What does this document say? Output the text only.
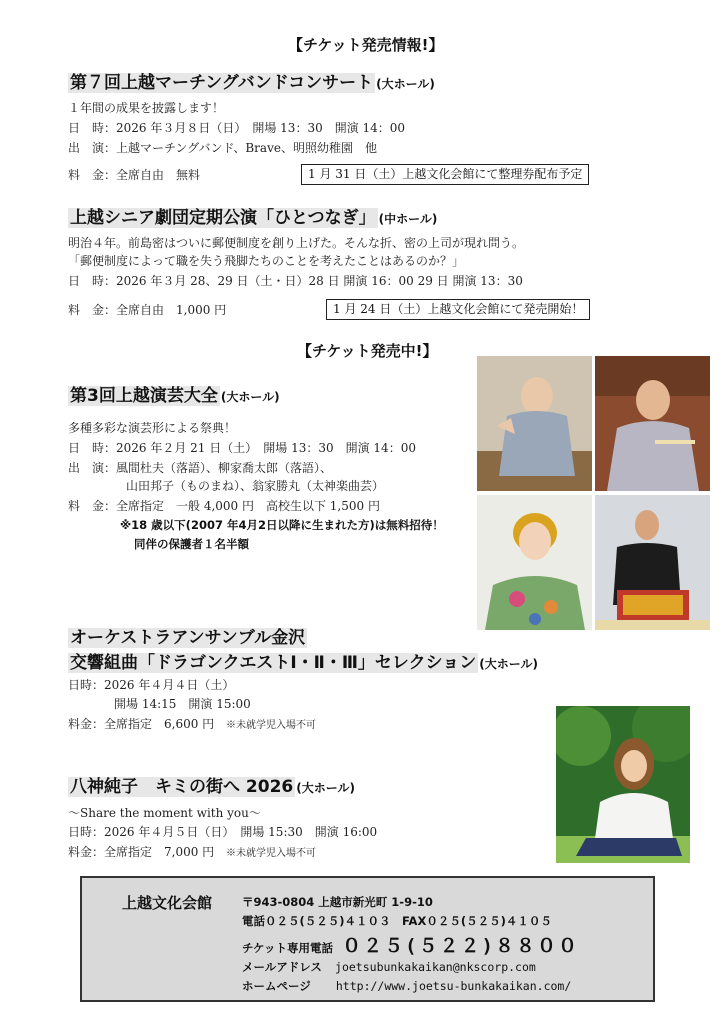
【チケット発売情報!】
第７回上越マーチングバンドコンサート (大ホール)
１年間の成果を披露します！
日　時：2026 年３月８日（日）　開場 13：30　開演 14：00
出　演：上越マーチングバンド、Brave、明照幼稚園　他
料　金：全席自由　無料	1 月 31 日（土）上越文化会館にて整理券配布予定
上越シニア劇団定期公演「ひとつなぎ」 (中ホール)
明治４年。前島密はついに郵便制度を創り上げた。そんな折、密の上司が現れ問う。
「郵便制度によって職を失う飛脚たちのことを考えたことはあるのか？」
日　時：2026 年３月 28、29 日（土・日）28 日 開演 16：00 29 日 開演 13：30
料　金：全席自由　1,000 円	1 月 24 日（土）上越文化会館にて発売開始！
【チケット発売中!】
第3回上越演芸大全 (大ホール)
多種多彩な演芸形による祭典！
日　時：2026 年２月 21 日（土）　開場 13：30　開演 14：00
出　演：風間杜夫（落語）、柳家喬太郎（落語）、
山田邦子（ものまね）、翁家勝丸（太神楽曲芸）
料　金：全席指定　一般 4,000 円　高校生以下 1,500 円
※18 歳以下(2007 年4月2日以降に生まれた方)は無料招待！
同伴の保護者１名半額
オーケストラアンサンブル金沢
交響組曲「ドラゴンクエストⅠ・Ⅱ・Ⅲ」セレクション (大ホール)
日時：2026 年４月４日（土）
開場 14:15　開演 15:00
料金：全席指定　6,600 円 ※未就学児入場不可
八神純子　キミの街へ 2026 (大ホール)
～Share the moment with you～
日時：2026 年４月５日（日）　開場 15:30　開演 16:00
料金：全席指定　7,000 円 ※未就学児入場不可
上越文化会館	〒943-0804 上越市新光町 1-9-10
電話０２５(５２５)４１０３　FAX０２５(５２５)４１０５
チケット専用電話 ０２５(５２２)８８００
メールアドレス joetsubunkakaikan@nkscorp.com
ホームページ http://www.joetsu-bunkakaikan.com/
